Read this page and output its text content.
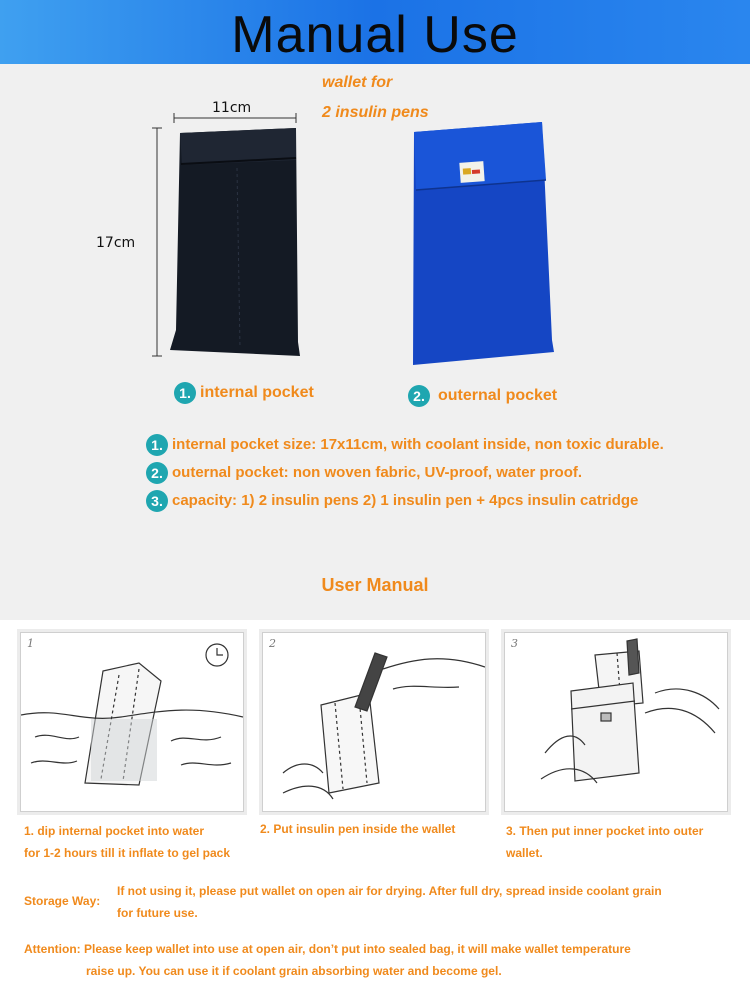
Manual Use
wallet for
2 insulin pens
11cm
17cm
1. internal pocket	2. outernal pocket
1. internal pocket size: 17x11cm, with coolant inside, non toxic durable.
2. outernal pocket: non woven fabric, UV-proof, water proof.
3. capacity: 1) 2 insulin pens 2) 1 insulin pen + 4pcs insulin catridge
User Manual
1	2	3
1. dip internal pocket into water
for 1-2 hours till it inflate to gel pack
2. Put insulin pen inside the wallet	3. Then put inner pocket into outer
wallet.
Storage Way:
If not using it, please put wallet on open air for drying. After full dry, spread inside coolant grain
for future use.
Attention: Please keep wallet into use at open air, don’t put into sealed bag, it will make wallet temperature
raise up. You can use it if coolant grain absorbing water and become gel.
